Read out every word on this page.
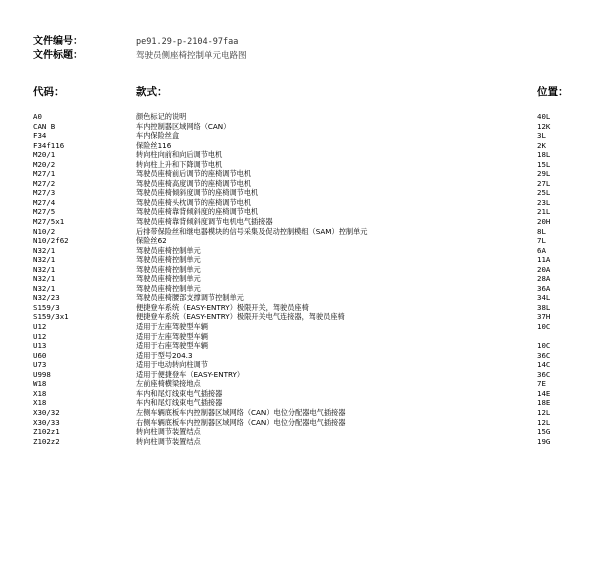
文件编号：	pe91.29-p-2104-97faa
文件标题：	驾驶员侧座椅控制单元电路图
代码：	款式：	位置：
A0	颜色标记的说明	40L
CAN B	车内控制器区域网络（CAN）	12K
F34	车内保险丝盒	3L
F34f116	保险丝116	2K
M20/1	转向柱向前和向后调节电机	18L
M20/2	转向柱上升和下降调节电机	15L
M27/1	驾驶员座椅前后调节的座椅调节电机	29L
M27/2	驾驶员座椅高度调节的座椅调节电机	27L
M27/3	驾驶员座椅倾斜度调节的座椅调节电机	25L
M27/4	驾驶员座椅头枕调节的座椅调节电机	23L
M27/5	驾驶员座椅靠背倾斜度的座椅调节电机	21L
M27/5x1	驾驶员座椅靠背倾斜度调节电机电气插接器	20H
N10/2	后排带保险丝和继电器模块的信号采集及促动控制模组（SAM）控制单元	8L
N10/2f62	保险丝62	7L
N32/1	驾驶员座椅控制单元	6A
N32/1	驾驶员座椅控制单元	11A
N32/1	驾驶员座椅控制单元	20A
N32/1	驾驶员座椅控制单元	28A
N32/1	驾驶员座椅控制单元	36A
N32/23	驾驶员座椅腰部支撑调节控制单元	34L
S159/3	便捷登车系统（EASY-ENTRY）极限开关，驾驶员座椅	38L
S159/3x1	便捷登车系统（EASY-ENTRY）极限开关电气连接器，驾驶员座椅	37H
U12	适用于左座驾驶型车辆	10C
U12	适用于左座驾驶型车辆
U13	适用于右座驾驶型车辆	10C
U60	适用于型号204.3	36C
U73	适用于电动转向柱调节	14C
U998	适用于便捷登车（EASY-ENTRY）	36C
W18	左前座椅横梁接地点	7E
X18	车内和尾灯线束电气插接器	14E
X18	车内和尾灯线束电气插接器	18E
X30/32	左侧车辆底板车内控制器区域网络（CAN）电位分配器电气插接器	12L
X30/33	右侧车辆底板车内控制器区域网络（CAN）电位分配器电气插接器	12L
Z102z1	转向柱调节装置结点	15G
Z102z2	转向柱调节装置结点	19G
